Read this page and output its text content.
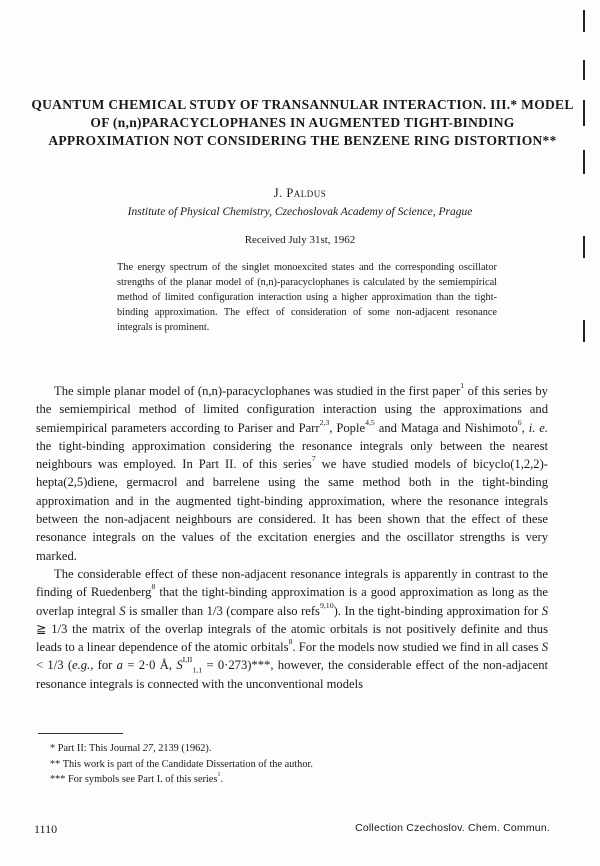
QUANTUM CHEMICAL STUDY OF TRANSANNULAR INTERACTION. III.* MODEL OF (n,n)PARACYCLOPHANES IN AUGMENTED TIGHT-BINDING APPROXIMATION NOT CONSIDERING THE BENZENE RING DISTORTION**
J. Paldus
Institute of Physical Chemistry, Czechoslovak Academy of Science, Prague
Received July 31st, 1962
The energy spectrum of the singlet monoexcited states and the corresponding oscillator strengths of the planar model of (n,n)-paracyclophanes is calculated by the semiempirical method of limited configuration interaction using a higher approximation than the tight-binding approximation. The effect of consideration of some non-adjacent resonance integrals is prominent.

The simple planar model of (n,n)-paracyclophanes was studied in the first paper$^1$ of this series by the semiempirical method of limited configuration interaction using the approximations and semiempirical parameters according to Pariser and Parr$^{2,3}$, Pople$^{4,5}$ and Mataga and Nishimoto$^6$, i. e. the tight-binding approximation considering the resonance integrals only between the nearest neighbours was employed. In Part II. of this series$^7$ we have studied models of bicyclo(1,2,2)-hepta(2,5)diene, germacrol and barrelene using the same method both in the tight-binding approximation and in the augmented tight-binding approximation, where the resonance integrals between the non-adjacent neighbours are considered. It has been shown that the effect of these resonance integrals on the values of the excitation energies and the oscillator strengths is very marked.

The considerable effect of these non-adjacent resonance integrals is apparently in contrast to the finding of Ruedenberg$^8$ that the tight-binding approximation is a good approximation as long as the overlap integral S is smaller than 1/3 (compare also refs$^{9,10}$). In the tight-binding approximation for S ≧ 1/3 the matrix of the overlap integrals of the atomic orbitals is not positively definite and thus leads to a linear dependence of the atomic orbitals$^8$. For the models now studied we find in all cases S < 1/3 (e.g., for a = 2·0 Å, $S^{I,II}_{1,1} = 0\cdot 273)***$, however, the considerable effect of the non-adjacent resonance integrals is connected with the unconventional models

* Part II: This Journal 27, 2139 (1962).
** This work is part of the Candidate Dissertation of the author.
*** For symbols see Part I. of this series$^1$.
1110	Collection Czechoslov. Chem. Commun.
